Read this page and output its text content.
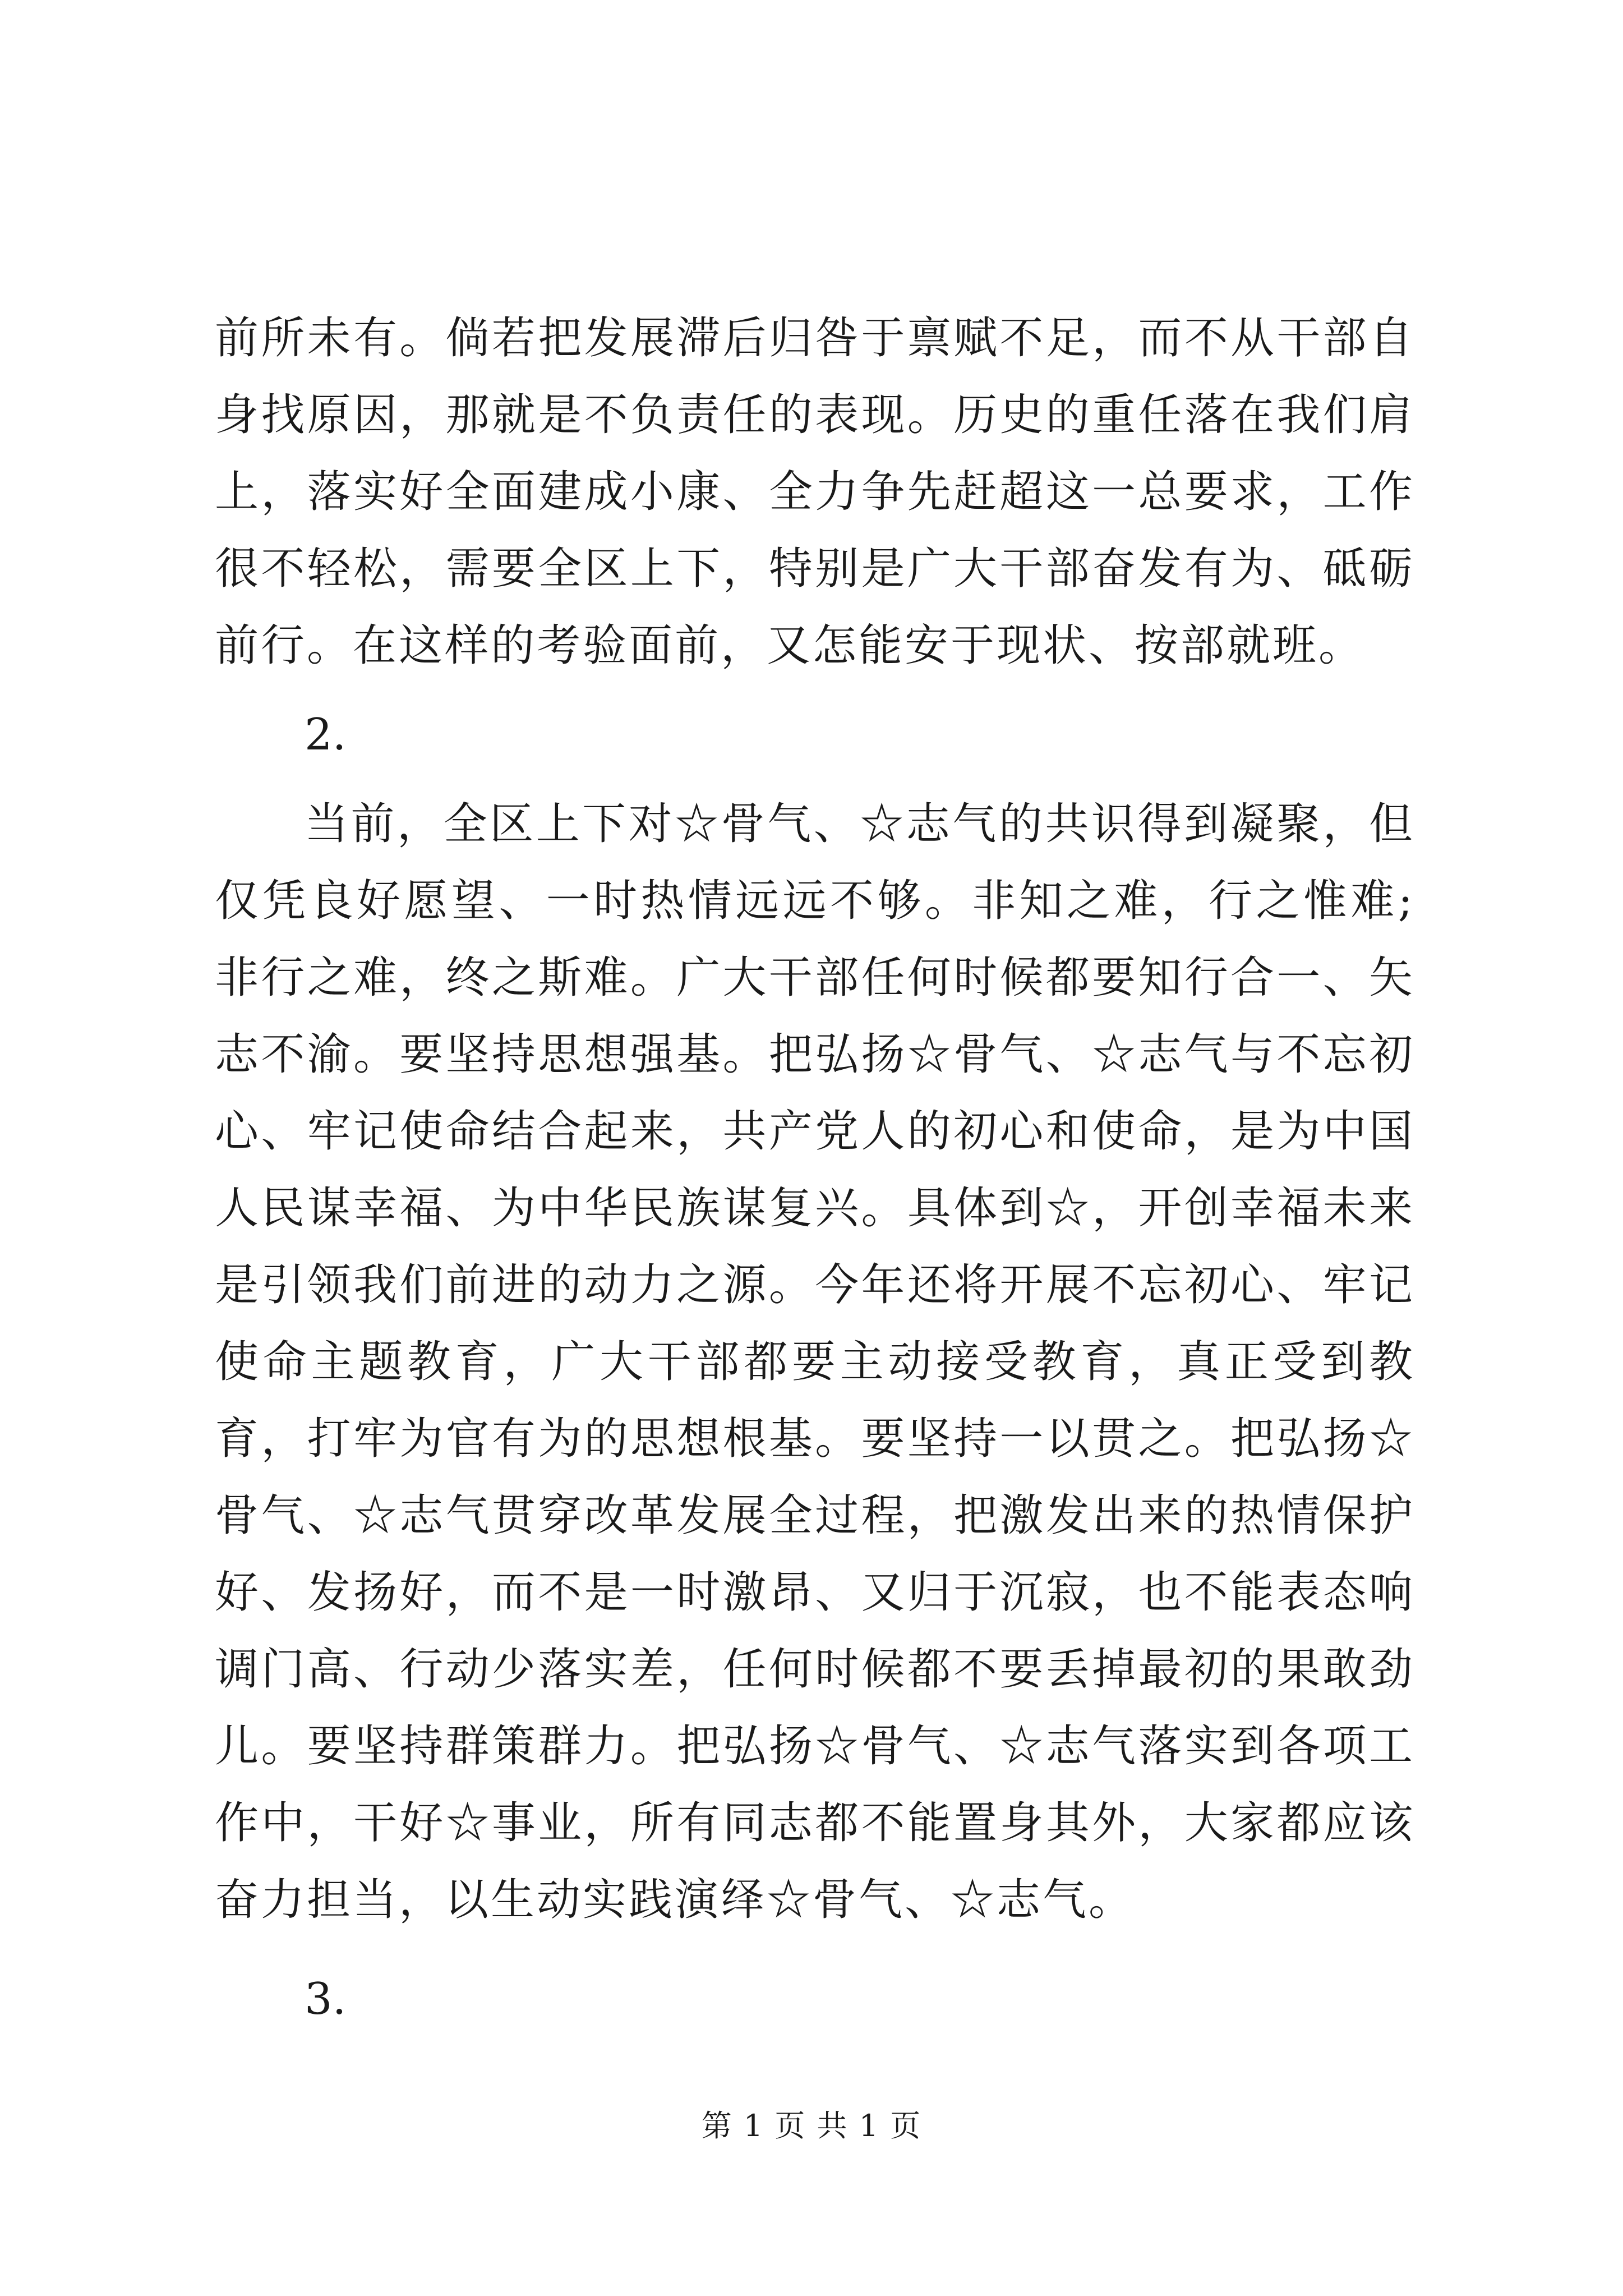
前所未有。倘若把发展滞后归咎于禀赋不足，而不从干部自身找原因，那就是不负责任的表现。历史的重任落在我们肩上，落实好全面建成小康、全力争先赶超这一总要求，工作很不轻松，需要全区上下，特别是广大干部奋发有为、砥砺前行。在这样的考验面前，又怎能安于现状、按部就班。

2.

当前，全区上下对☆骨气、☆志气的共识得到凝聚，但仅凭良好愿望、一时热情远远不够。非知之难，行之惟难;非行之难，终之斯难。广大干部任何时候都要知行合一、矢志不渝。要坚持思想强基。把弘扬☆骨气、☆志气与不忘初心、牢记使命结合起来，共产党人的初心和使命，是为中国人民谋幸福、为中华民族谋复兴。具体到☆，开创幸福未来是引领我们前进的动力之源。今年还将开展不忘初心、牢记使命主题教育，广大干部都要主动接受教育，真正受到教育，打牢为官有为的思想根基。要坚持一以贯之。把弘扬☆骨气、☆志气贯穿改革发展全过程，把激发出来的热情保护好、发扬好，而不是一时激昂、又归于沉寂，也不能表态响调门高、行动少落实差，任何时候都不要丢掉最初的果敢劲儿。要坚持群策群力。把弘扬☆骨气、☆志气落实到各项工作中，干好☆事业，所有同志都不能置身其外，大家都应该奋力担当，以生动实践演绎☆骨气、☆志气。

3.

第 1 页 共 1 页
